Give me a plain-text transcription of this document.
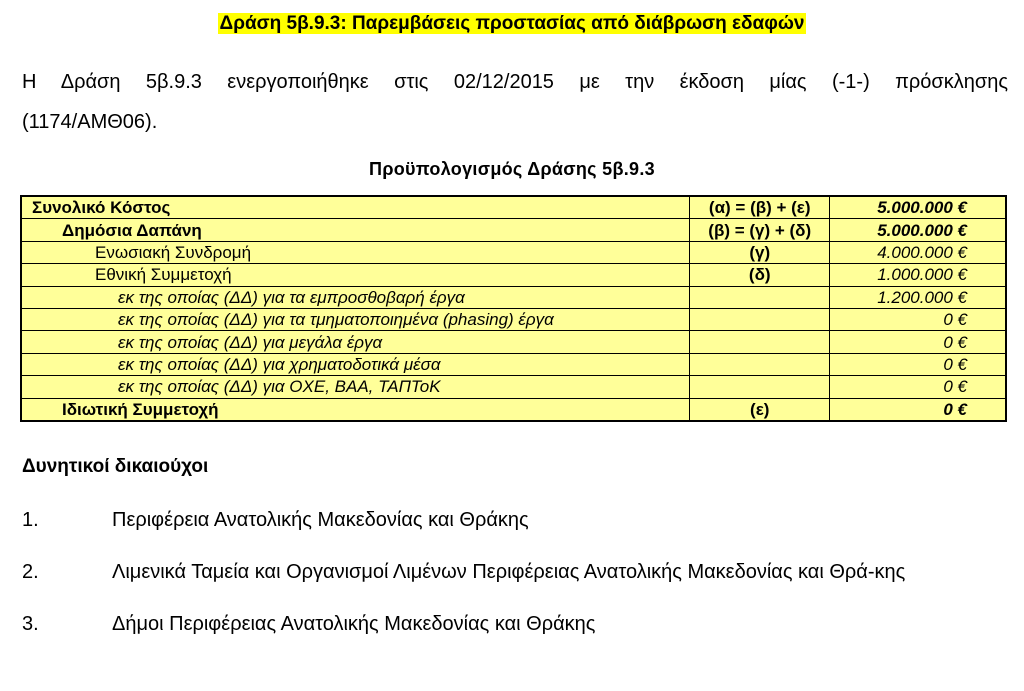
Δράση 5β.9.3: Παρεμβάσεις προστασίας από διάβρωση εδαφών
Η Δράση 5β.9.3 ενεργοποιήθηκε στις 02/12/2015 με την έκδοση μίας (-1-) πρόσκλησης
(1174/ΑΜΘ06).
Προϋπολογισμός Δράσης 5β.9.3
Συνολικό Κόστος	(α) = (β) + (ε)	5.000.000 €
Δημόσια Δαπάνη	(β) = (γ) + (δ)	5.000.000 €
Ενωσιακή Συνδρομή	(γ)	4.000.000 €
Εθνική Συμμετοχή	(δ)	1.000.000 €
εκ της οποίας (ΔΔ) για τα εμπροσθοβαρή έργα		1.200.000 €
εκ της οποίας (ΔΔ) για τα τμηματοποιημένα (phasing) έργα		0 €
εκ της οποίας (ΔΔ) για μεγάλα έργα		0 €
εκ της οποίας (ΔΔ) για χρηματοδοτικά μέσα		0 €
εκ της οποίας (ΔΔ) για ΟΧΕ, ΒΑΑ, ΤΑΠΤοΚ		0 €
Ιδιωτική Συμμετοχή	(ε)	0 €
Δυνητικοί δικαιούχοι
1.	Περιφέρεια Ανατολικής Μακεδονίας και Θράκης
2.	Λιμενικά Ταμεία και Οργανισμοί Λιμένων Περιφέρειας Ανατολικής Μακεδονίας και Θρά-κης
3.	Δήμοι Περιφέρειας Ανατολικής Μακεδονίας και Θράκης
